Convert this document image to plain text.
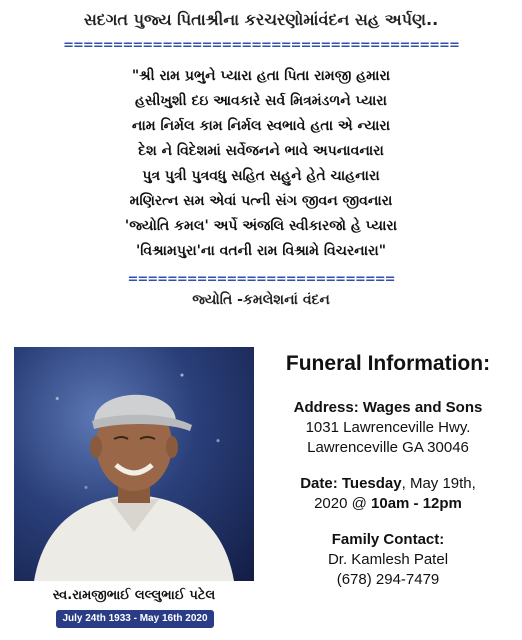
સદગત પુજ્ય પિતાશ્રીના કરચરણોમાંવંદન સહ અર્પણ..
========================================
"શ્રી રામ પ્રભુને પ્યારા હતા પિતા રામજી હમારા
હસીખુશી દઇ આવકારે સર્વ મિત્રમંડળને પ્યારા
નામ નિર્મલ કામ નિર્મલ સ્વભાવે હતા એ ન્યારા
દેશ ને વિદેશમાં સર્વેજનને ભાવે અપનાવનારા
પુત્ર પુત્રી પુત્રવધુ સહિત સહુને હેતે ચાહનારા
મણિરત્ન સમ એવાં પત્ની સંગ જીવન જીવનારા
'જ્યોતિ કમલ' અર્પે અંજલિ સ્વીકારજો હે પ્યારા
'વિશ્રામપુરા'ના વતની રામ વિશ્રામે વિચરનારા"
===========================
જ્યોતિ -કમલેશનાં વંદન
સ્વ.રામજીભાઈ લલ્લુભાઈ પટેલ
July 24th 1933 - May 16th 2020
Funeral Information:
Address: Wages and Sons
1031 Lawrenceville Hwy.
Lawrenceville GA 30046
Date: Tuesday, May 19th,
2020 @ 10am - 12pm
Family Contact:
Dr. Kamlesh Patel
(678) 294-7479
